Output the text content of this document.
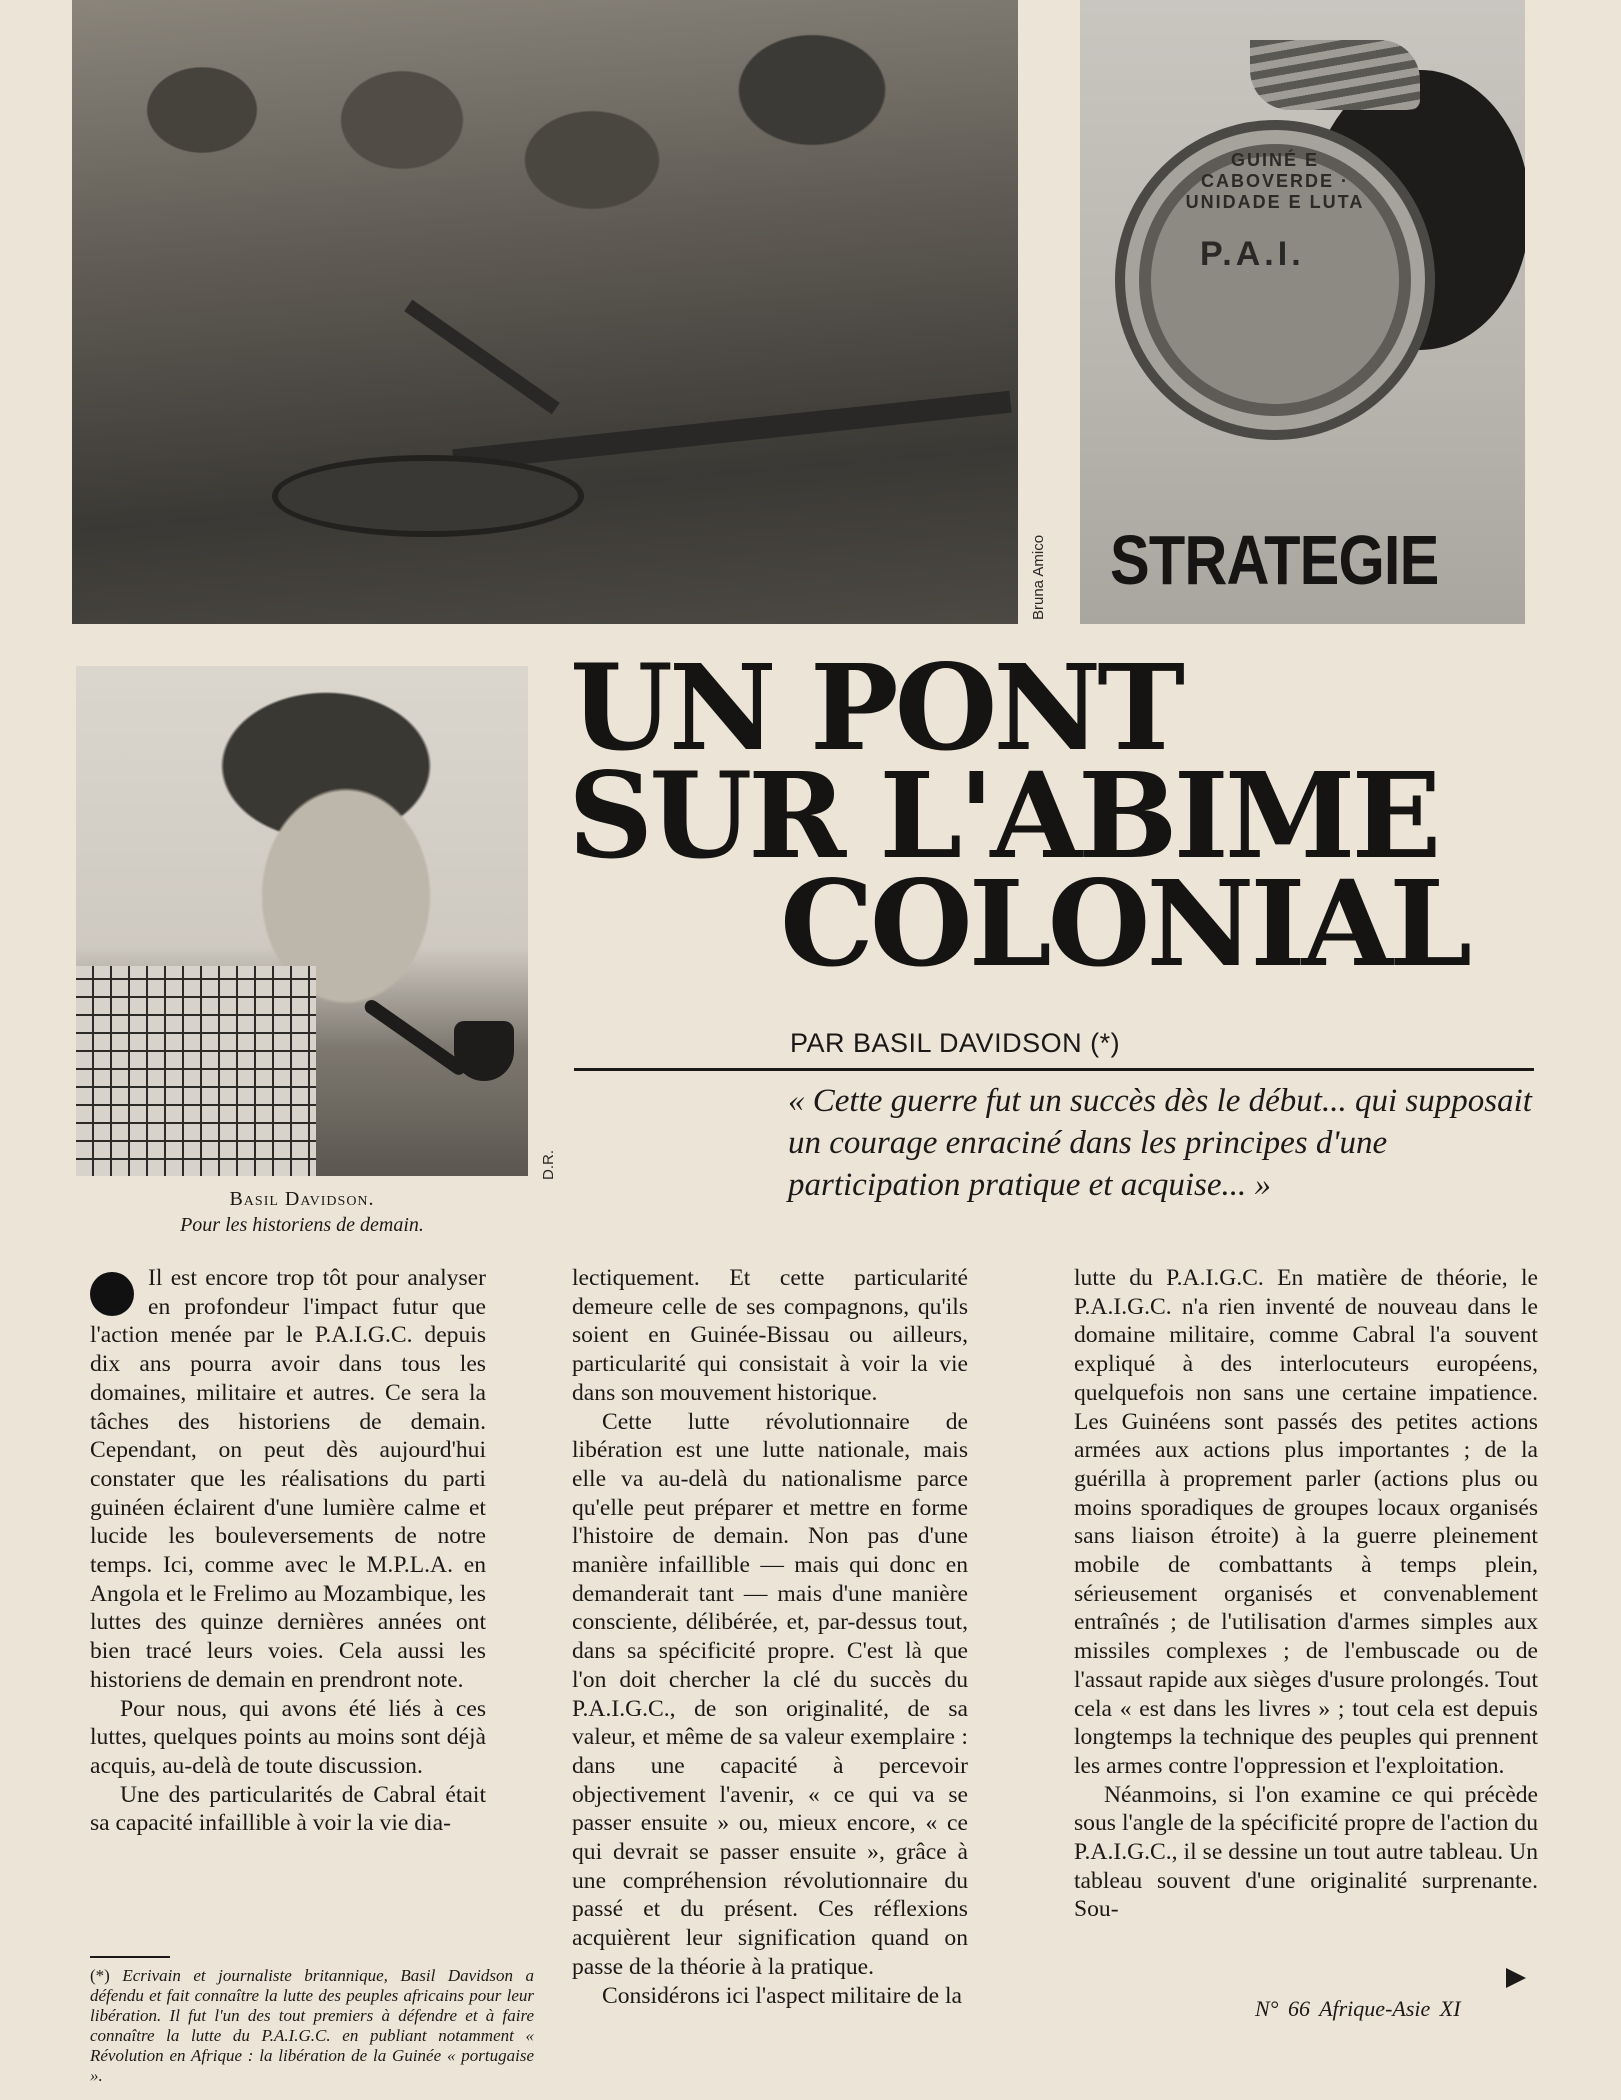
Bruna Amico
GUINÉ E CABOVERDE · UNIDADE E LUTA
P.A.I.
STRATEGIE
D.R.
Basil Davidson.
Pour les historiens de demain.
UN PONT
SUR L'ABIME
COLONIAL
PAR BASIL DAVIDSON (*)
« Cette guerre fut un succès dès le début... qui supposait un courage enraciné dans les principes d'une participation pratique et acquise... »

Il est encore trop tôt pour analyser en profondeur l'impact futur que l'action menée par le P.A.I.G.C. depuis dix ans pourra avoir dans tous les domaines, militaire et autres. Ce sera la tâches des historiens de demain. Cependant, on peut dès aujourd'hui constater que les réalisations du parti guinéen éclairent d'une lumière calme et lucide les bouleversements de notre temps. Ici, comme avec le M.P.L.A. en Angola et le Frelimo au Mozambique, les luttes des quinze dernières années ont bien tracé leurs voies. Cela aussi les historiens de demain en prendront note.

Pour nous, qui avons été liés à ces luttes, quelques points au moins sont déjà acquis, au-delà de toute discussion.

Une des particularités de Cabral était sa capacité infaillible à voir la vie dia-

lectiquement. Et cette particularité demeure celle de ses compagnons, qu'ils soient en Guinée-Bissau ou ailleurs, particularité qui consistait à voir la vie dans son mouvement historique.

Cette lutte révolutionnaire de libération est une lutte nationale, mais elle va au-delà du nationalisme parce qu'elle peut préparer et mettre en forme l'histoire de demain. Non pas d'une manière infaillible — mais qui donc en demanderait tant — mais d'une manière consciente, délibérée, et, par-dessus tout, dans sa spécificité propre. C'est là que l'on doit chercher la clé du succès du P.A.I.G.C., de son originalité, de sa valeur, et même de sa valeur exemplaire : dans une capacité à percevoir objectivement l'avenir, « ce qui va se passer ensuite » ou, mieux encore, « ce qui devrait se passer ensuite », grâce à une compréhension révolutionnaire du passé et du présent. Ces réflexions acquièrent leur signification quand on passe de la théorie à la pratique.

Considérons ici l'aspect militaire de la

lutte du P.A.I.G.C. En matière de théorie, le P.A.I.G.C. n'a rien inventé de nouveau dans le domaine militaire, comme Cabral l'a souvent expliqué à des interlocuteurs européens, quelquefois non sans une certaine impatience. Les Guinéens sont passés des petites actions armées aux actions plus importantes ; de la guérilla à proprement parler (actions plus ou moins sporadiques de groupes locaux organisés sans liaison étroite) à la guerre pleinement mobile de combattants à temps plein, sérieusement organisés et convenablement entraînés ; de l'utilisation d'armes simples aux missiles complexes ; de l'embuscade ou de l'assaut rapide aux sièges d'usure prolongés. Tout cela « est dans les livres » ; tout cela est depuis longtemps la technique des peuples qui prennent les armes contre l'oppression et l'exploitation.

Néanmoins, si l'on examine ce qui précède sous l'angle de la spécificité propre de l'action du P.A.I.G.C., il se dessine un tout autre tableau. Un tableau souvent d'une originalité surprenante. Sou-

(*) Ecrivain et journaliste britannique, Basil Davidson a défendu et fait connaître la lutte des peuples africains pour leur libération. Il fut l'un des tout premiers à défendre et à faire connaître la lutte du P.A.I.G.C. en publiant notamment « Révolution en Afrique : la libération de la Guinée « portugaise ».
N° 66 Afrique-Asie XI
